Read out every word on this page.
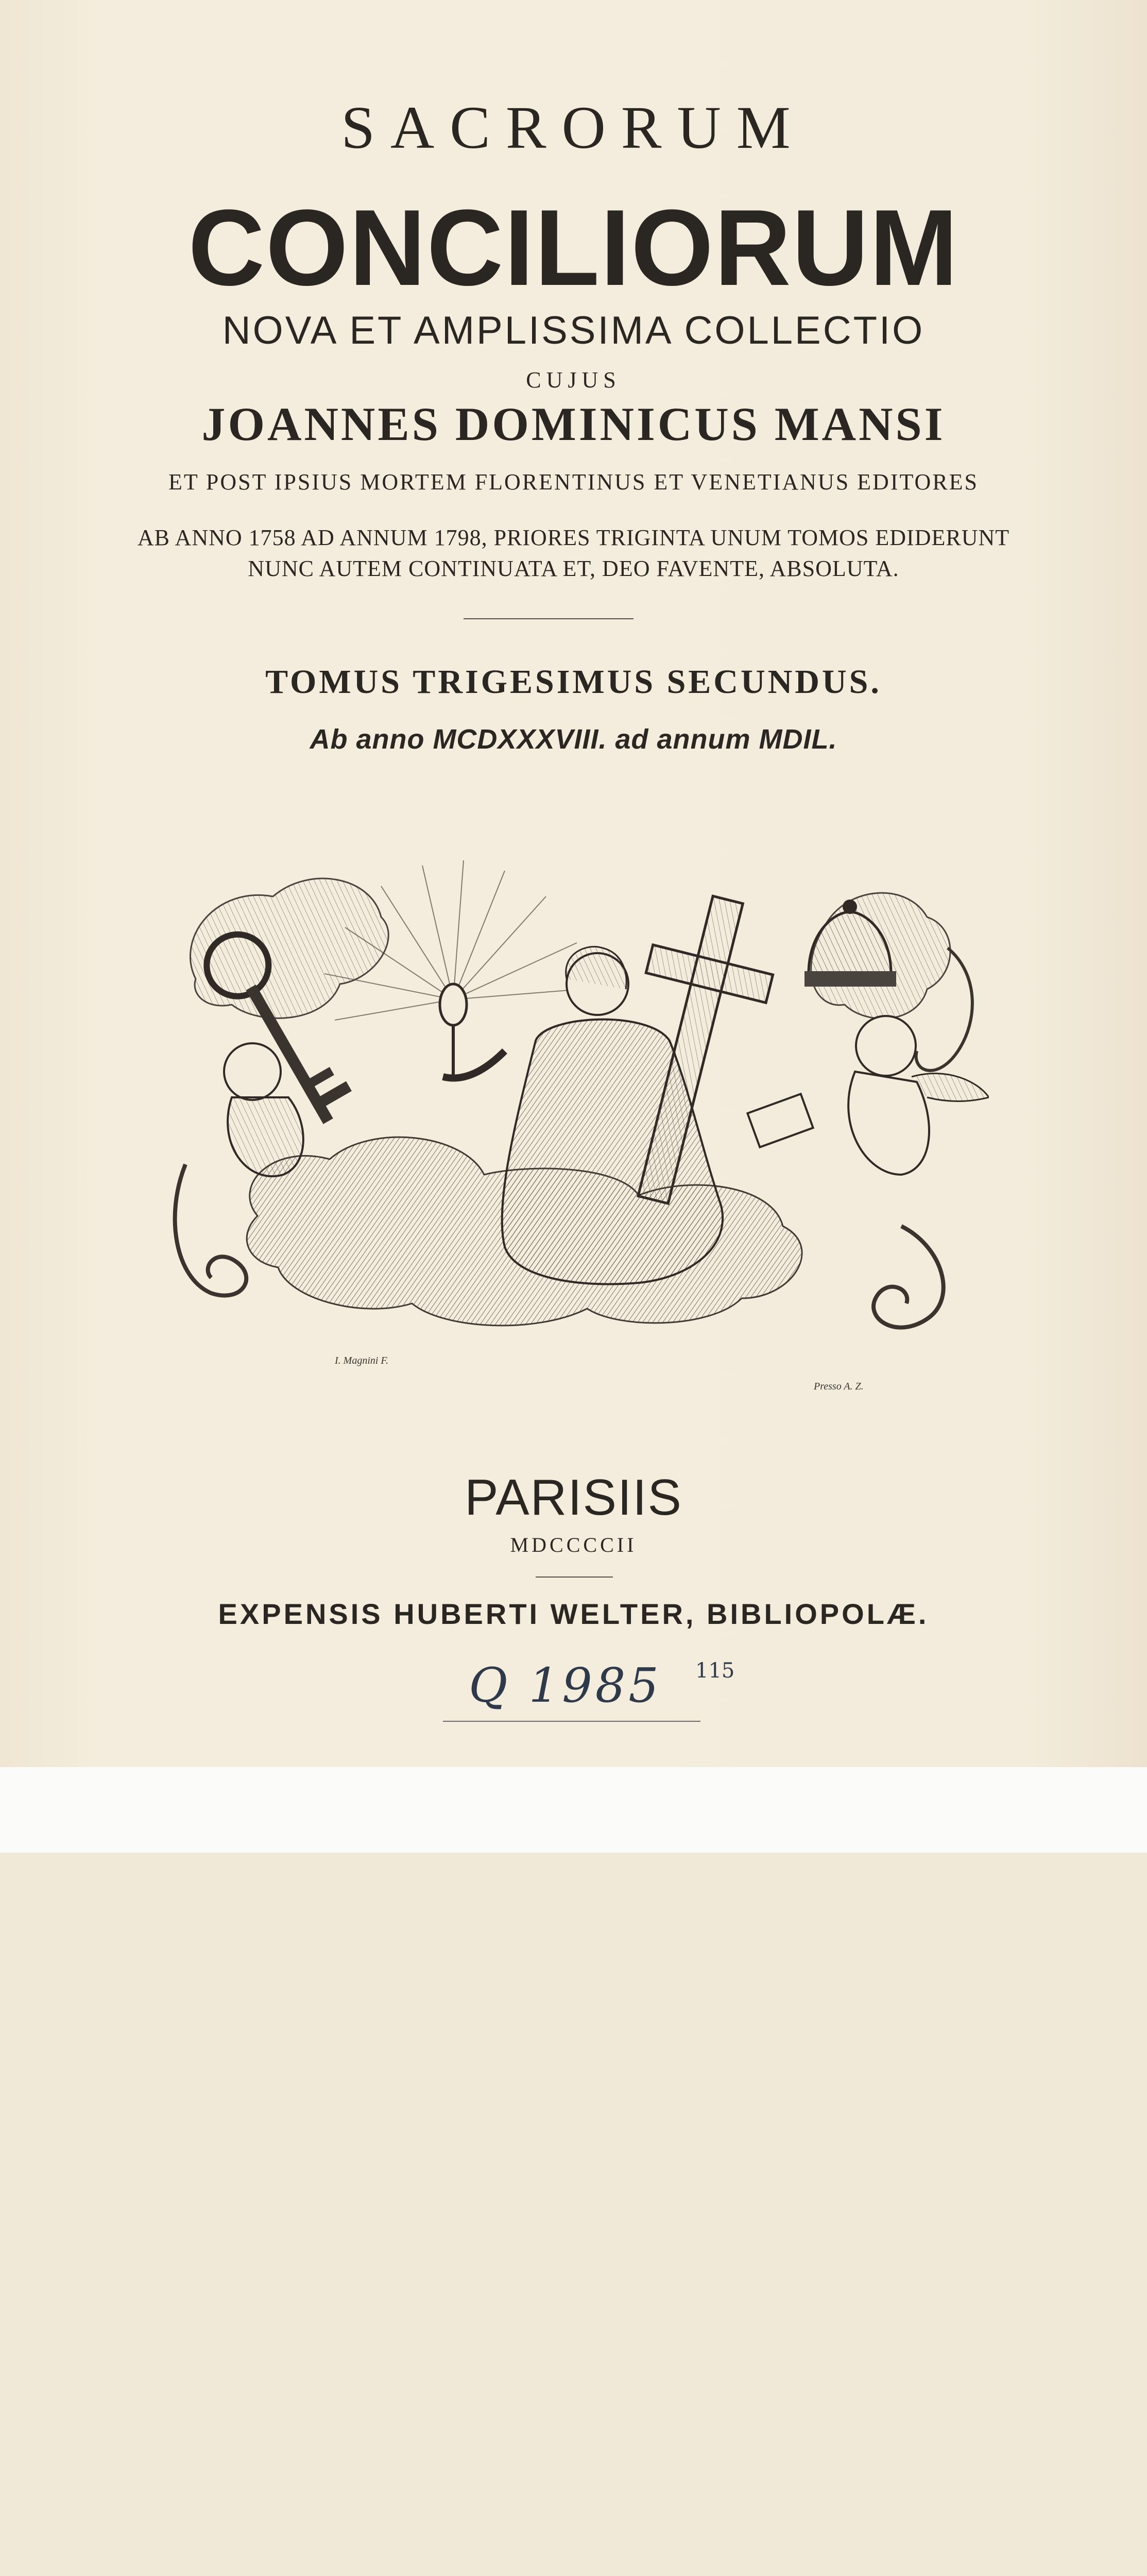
SACRORUM
CONCILIORUM
NOVA ET AMPLISSIMA COLLECTIO
CUJUS
JOANNES DOMINICUS MANSI
ET POST IPSIUS MORTEM FLORENTINUS ET VENETIANUS EDITORES
AB ANNO 1758 AD ANNUM 1798, PRIORES TRIGINTA UNUM TOMOS EDIDERUNT
NUNC AUTEM CONTINUATA ET, DEO FAVENTE, ABSOLUTA.
TOMUS TRIGESIMUS SECUNDUS.
Ab anno MCDXXXVIII. ad annum MDIL.
I. Magnini F.
Presso A. Z.
PARISIIS
MDCCCCII
EXPENSIS HUBERTI WELTER, BIBLIOPOLÆ.
Q 1985 115
